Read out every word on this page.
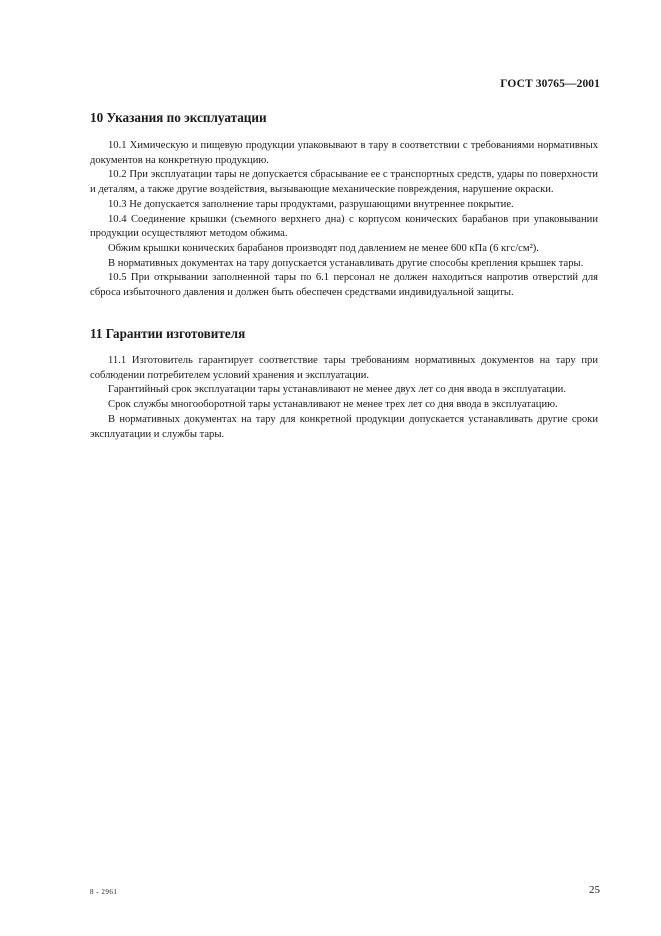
ГОСТ 30765—2001
10 Указания по эксплуатации

10.1 Химическую и пищевую продукции упаковывают в тару в соответствии с требованиями нормативных документов на конкретную продукцию.

10.2 При эксплуатации тары не допускается сбрасывание ее с транспортных средств, удары по поверхности и деталям, а также другие воздействия, вызывающие механические повреждения, нарушение окраски.

10.3 Не допускается заполнение тары продуктами, разрушающими внутреннее покрытие.

10.4 Соединение крышки (съемного верхнего дна) с корпусом конических барабанов при упаковывании продукции осуществляют методом обжима.

Обжим крышки конических барабанов производят под давлением не менее 600 кПа (6 кгс/см²).

В нормативных документах на тару допускается устанавливать другие способы крепления крышек тары.

10.5 При открывании заполненной тары по 6.1 персонал не должен находиться напротив отверстий для сброса избыточного давления и должен быть обеспечен средствами индивидуальной защиты.

11 Гарантии изготовителя

11.1 Изготовитель гарантирует соответствие тары требованиям нормативных документов на тару при соблюдении потребителем условий хранения и эксплуатации.

Гарантийный срок эксплуатации тары устанавливают не менее двух лет со дня ввода в эксплуатации.

Срок службы многооборотной тары устанавливают не менее трех лет со дня ввода в эксплуатацию.

В нормативных документах на тару для конкретной продукции допускается устанавливать другие сроки эксплуатации и службы тары.

8 - 2961	25
